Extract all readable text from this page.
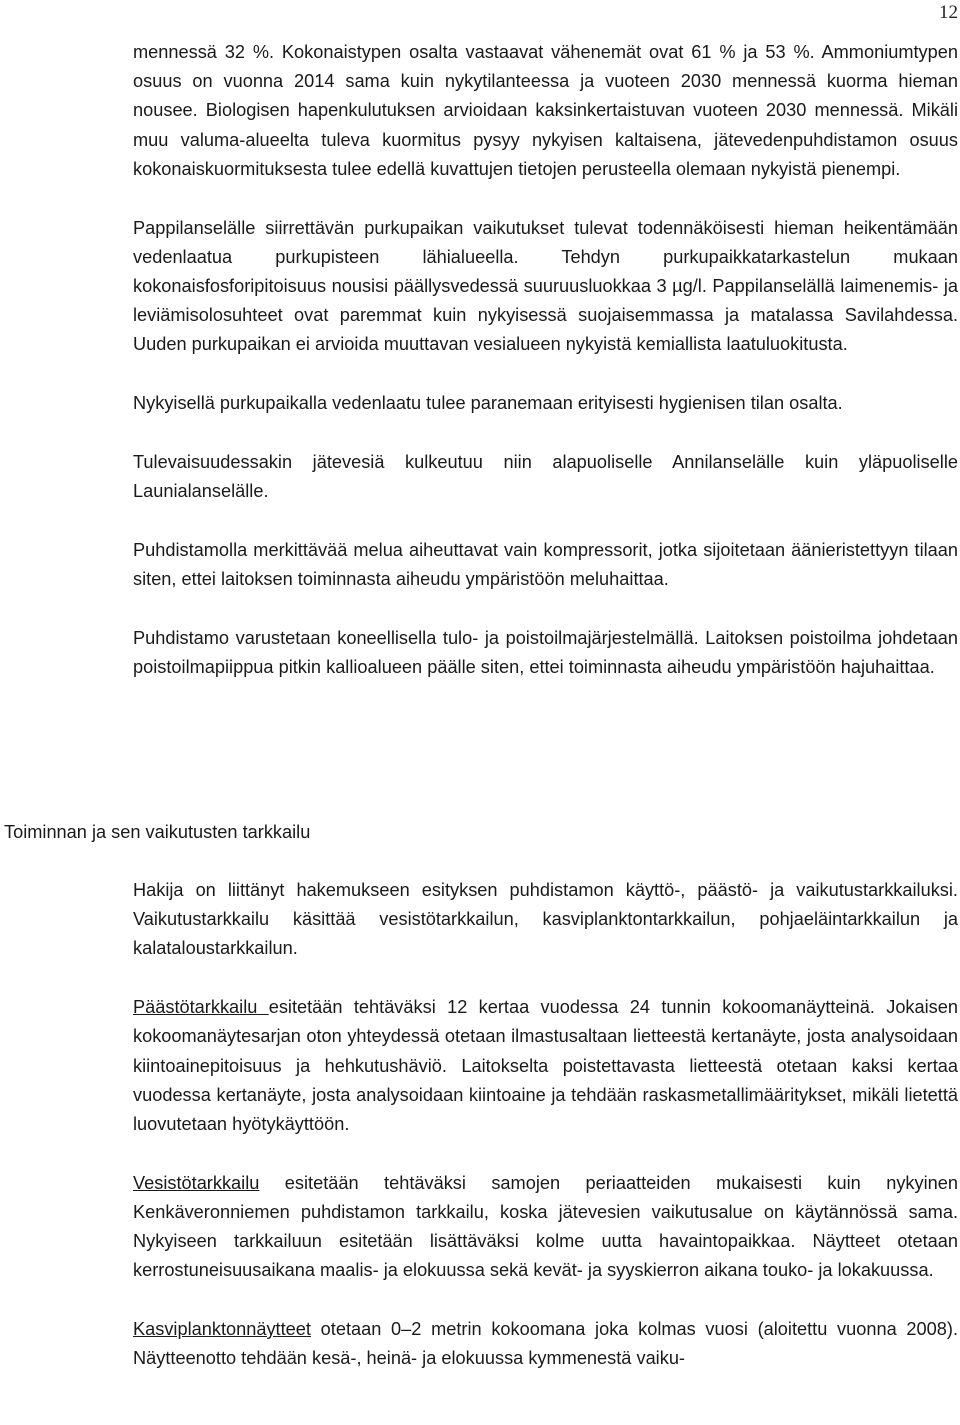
12

mennessä 32 %. Kokonaistypen osalta vastaavat vähenemät ovat 61 % ja 53 %. Ammoniumtypen osuus on vuonna 2014 sama kuin nykytilanteessa ja vuoteen 2030 mennessä kuorma hieman nousee. Biologisen hapenkulutuksen arvioidaan kaksinkertaistuvan vuoteen 2030 mennessä. Mikäli muu valuma-alueelta tuleva kuormitus pysyy nykyisen kaltaisena, jätevedenpuhdistamon osuus kokonaiskuormituksesta tulee edellä kuvattujen tietojen perusteella olemaan nykyistä pienempi.

Pappilanselälle siirrettävän purkupaikan vaikutukset tulevat todennäköisesti hieman heikentämään vedenlaatua purkupisteen lähialueella. Tehdyn purkupaikkatarkastelun mukaan kokonaisfosforipitoisuus nousisi päällysvedessä suuruusluokkaa 3 µg/l. Pappilanselällä laimenemis- ja leviämisolosuhteet ovat paremmat kuin nykyisessä suojaisemmassa ja matalassa Savilahdessa. Uuden purkupaikan ei arvioida muuttavan vesialueen nykyistä kemiallista laatuluokitusta.

Nykyisellä purkupaikalla vedenlaatu tulee paranemaan erityisesti hygienisen tilan osalta.

Tulevaisuudessakin jätevesiä kulkeutuu niin alapuoliselle Annilanselälle kuin yläpuoliselle Launialanselälle.

Puhdistamolla merkittävää melua aiheuttavat vain kompressorit, jotka sijoitetaan äänieristettyyn tilaan siten, ettei laitoksen toiminnasta aiheudu ympäristöön meluhaittaa.

Puhdistamo varustetaan koneellisella tulo- ja poistoilmajärjestelmällä. Laitoksen poistoilma johdetaan poistoilmapiippua pitkin kallioalueen päälle siten, ettei toiminnasta aiheudu ympäristöön hajuhaittaa.

Toiminnan ja sen vaikutusten tarkkailu

Hakija on liittänyt hakemukseen esityksen puhdistamon käyttö-, päästö- ja vaikutustarkkailuksi. Vaikutustarkkailu käsittää vesistötarkkailun, kasviplanktontarkkailun, pohjaeläintarkkailun ja kalataloustarkkailun.

Päästötarkkailu esitetään tehtäväksi 12 kertaa vuodessa 24 tunnin kokoomanäytteinä. Jokaisen kokoomanäytesarjan oton yhteydessä otetaan ilmastusaltaan lietteestä kertanäyte, josta analysoidaan kiintoainepitoisuus ja hehkutushäviö. Laitokselta poistettavasta lietteestä otetaan kaksi kertaa vuodessa kertanäyte, josta analysoidaan kiintoaine ja tehdään raskasmetallimääritykset, mikäli lietettä luovutetaan hyötykäyttöön.

Vesistötarkkailu esitetään tehtäväksi samojen periaatteiden mukaisesti kuin nykyinen Kenkäveronniemen puhdistamon tarkkailu, koska jätevesien vaikutusalue on käytännössä sama. Nykyiseen tarkkailuun esitetään lisättäväksi kolme uutta havaintopaikkaa. Näytteet otetaan kerrostuneisuusaikana maalis- ja elokuussa sekä kevät- ja syyskierron aikana touko- ja lokakuussa.

Kasviplanktonnäytteet otetaan 0–2 metrin kokoomana joka kolmas vuosi (aloitettu vuonna 2008). Näytteenotto tehdään kesä-, heinä- ja elokuussa kymmenestä vaiku-
